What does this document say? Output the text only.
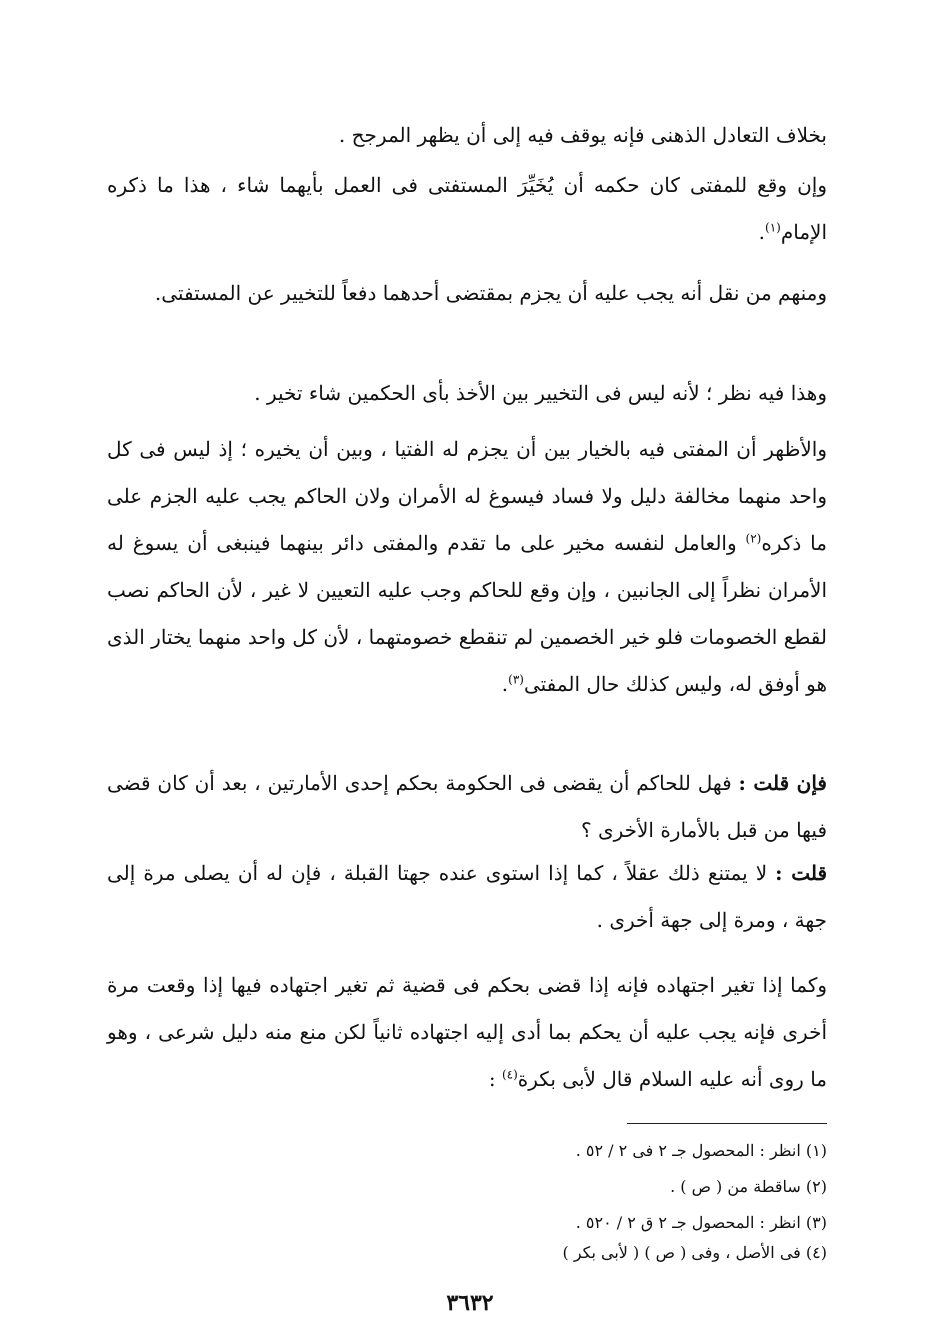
بخلاف التعادل الذهنى فإنه يوقف فيه إلى أن يظهر المرجح .

وإن وقع للمفتى كان حكمه أن يُخَيِّرَ المستفتى فى العمل بأيهما شاء ، هذا ما ذكره الإمام$^{(١)}$.

ومنهم من نقل أنه يجب عليه أن يجزم بمقتضى أحدهما دفعاً للتخيير عن المستفتى.

وهذا فيه نظر ؛ لأنه ليس فى التخيير بين الأخذ بأى الحكمين شاء تخير .

والأظهر أن المفتى فيه بالخيار بين أن يجزم له الفتيا ، وبين أن يخيره ؛ إذ ليس فى كل واحد منهما مخالفة دليل ولا فساد فيسوغ له الأمران ولان الحاكم يجب عليه الجزم على ما ذكره$^{(٢)}$ والعامل لنفسه مخير على ما تقدم والمفتى دائر بينهما فينبغى أن يسوغ له الأمران نظراً إلى الجانبين ، وإن وقع للحاكم وجب عليه التعيين لا غير ، لأن الحاكم نصب لقطع الخصومات فلو خير الخصمين لم تنقطع خصومتهما ، لأن كل واحد منهما يختار الذى هو أوفق له، وليس كذلك حال المفتى$^{(٣)}$.

فإن قلت : فهل للحاكم أن يقضى فى الحكومة بحكم إحدى الأمارتين ، بعد أن كان قضى فيها من قبل بالأمارة الأخرى ؟

قلت : لا يمتنع ذلك عقلاً ، كما إذا استوى عنده جهتا القبلة ، فإن له أن يصلى مرة إلى جهة ، ومرة إلى جهة أخرى .

وكما إذا تغير اجتهاده فإنه إذا قضى بحكم فى قضية ثم تغير اجتهاده فيها إذا وقعت مرة أخرى فإنه يجب عليه أن يحكم بما أدى إليه اجتهاده ثانياً لكن منع منه دليل شرعى ، وهو ما روى أنه عليه السلام قال لأبى بكرة$^{(٤)}$ :

(١) انظر : المحصول جـ ٢ فى ٢ / ٥٢ .
(٢) ساقطة من ( ص ) .
(٣) انظر : المحصول جـ ٢ ق ٢ / ٥٢٠ .
(٤) فى الأصل ، وفى ( ص ) ( لأبى بكر )
٣٦٣٢
